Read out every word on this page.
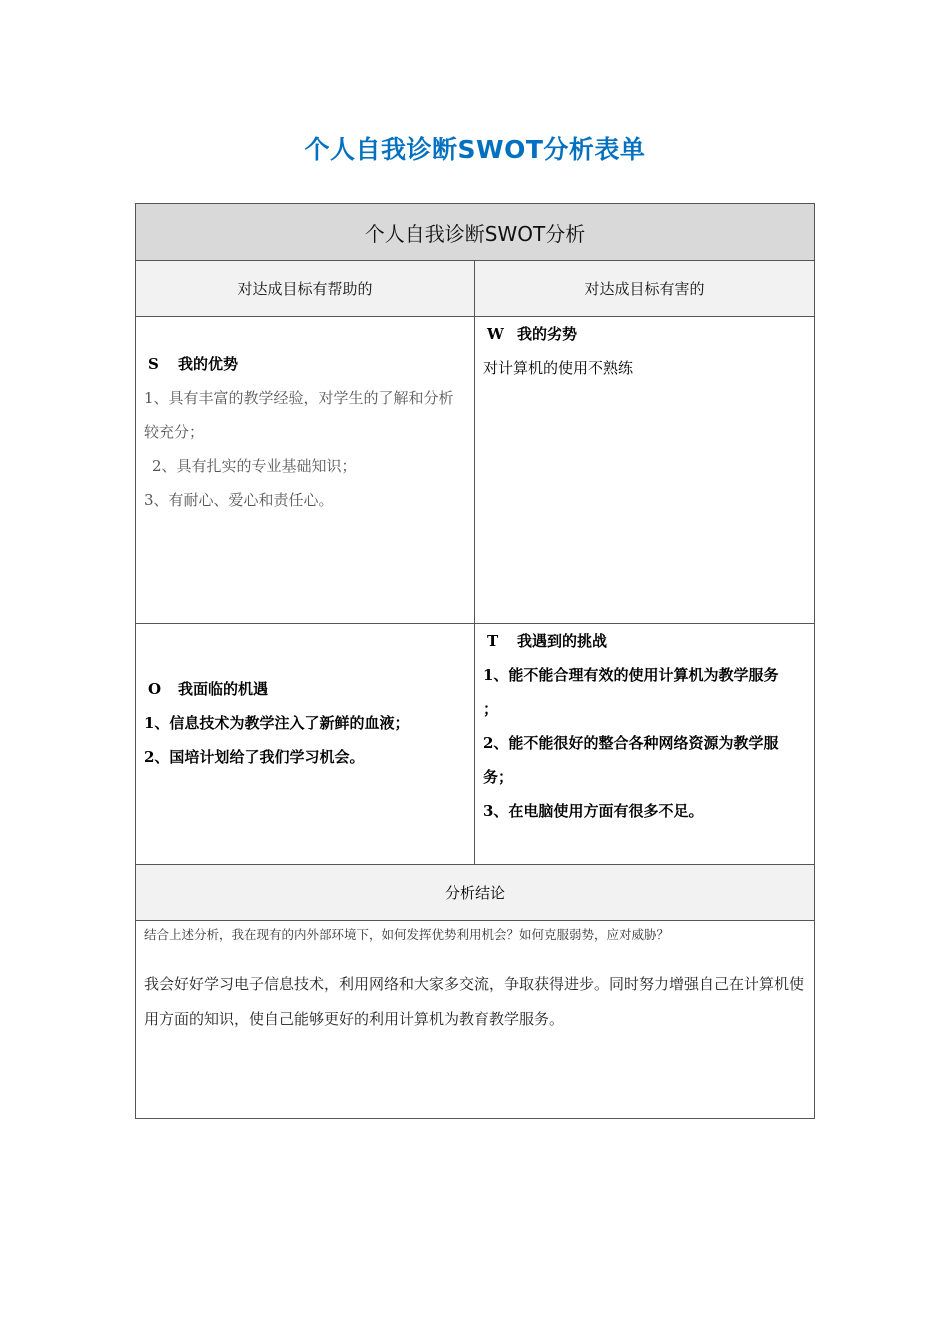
个人自我诊断SWOT分析表单
个人自我诊断SWOT分析
对达成目标有帮助的	对达成目标有害的

S 我的优势

1、具有丰富的教学经验，对学生的了解和分析较充分；

2、具有扎实的专业基础知识；

3、有耐心、爱心和责任心。

W 我的劣势

对计算机的使用不熟练

O 我面临的机遇

1、信息技术为教学注入了新鲜的血液；

2、国培计划给了我们学习机会。

T 我遇到的挑战

1、能不能合理有效的使用计算机为教学服务

；

2、能不能很好的整合各种网络资源为教学服务；

3、在电脑使用方面有很多不足。

分析结论

结合上述分析，我在现有的内外部环境下，如何发挥优势利用机会？如何克服弱势，应对威胁？

我会好好学习电子信息技术，利用网络和大家多交流，争取获得进步。同时努力增强自己在计算机使用方面的知识，使自己能够更好的利用计算机为教育教学服务。
